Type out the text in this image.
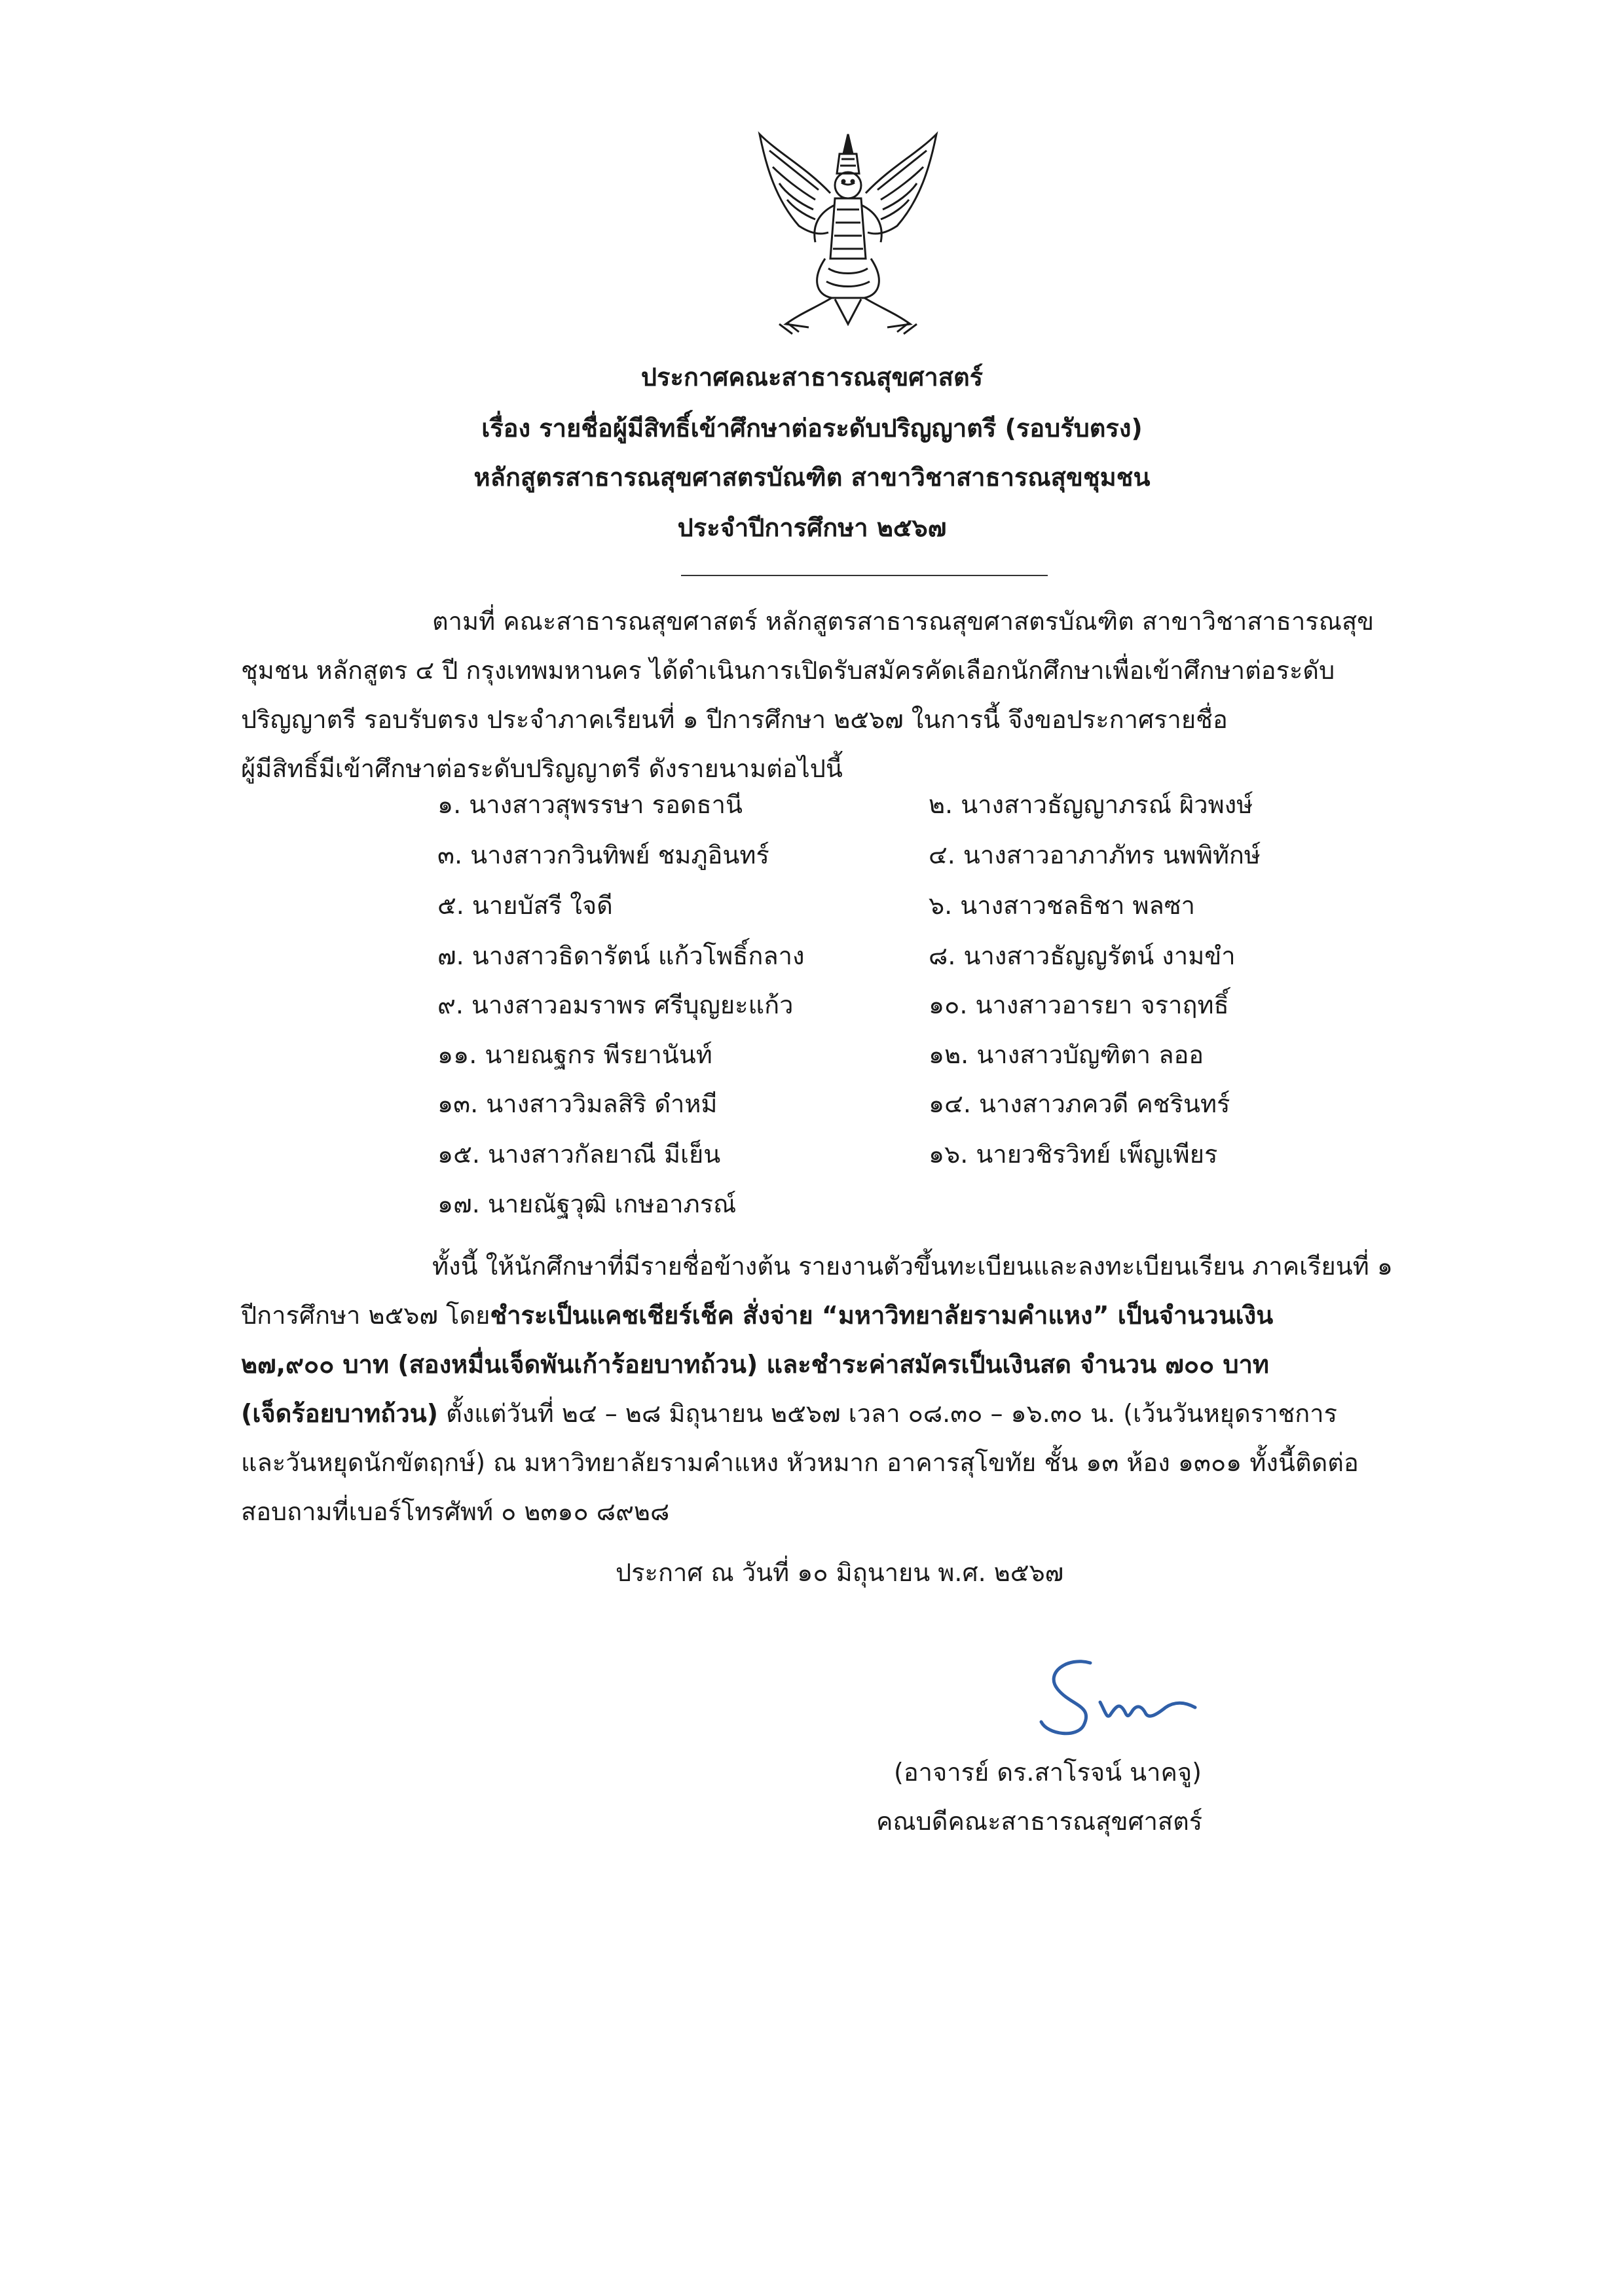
ประกาศคณะสาธารณสุขศาสตร์
เรื่อง รายชื่อผู้มีสิทธิ์เข้าศึกษาต่อระดับปริญญาตรี (รอบรับตรง)
หลักสูตรสาธารณสุขศาสตรบัณฑิต สาขาวิชาสาธารณสุขชุมชน
ประจำปีการศึกษา ๒๕๖๗
ตามที่ คณะสาธารณสุขศาสตร์ หลักสูตรสาธารณสุขศาสตรบัณฑิต สาขาวิชาสาธารณสุข
ชุมชน หลักสูตร ๔ ปี กรุงเทพมหานคร ได้ดำเนินการเปิดรับสมัครคัดเลือกนักศึกษาเพื่อเข้าศึกษาต่อระดับ
ปริญญาตรี รอบรับตรง ประจำภาคเรียนที่ ๑ ปีการศึกษา ๒๕๖๗ ในการนี้ จึงขอประกาศรายชื่อ
ผู้มีสิทธิ์มีเข้าศึกษาต่อระดับปริญญาตรี ดังรายนามต่อไปนี้
๑. นางสาวสุพรรษา รอดธานี	๒. นางสาวธัญญาภรณ์ ผิวพงษ์
๓. นางสาวกวินทิพย์ ชมภูอินทร์	๔. นางสาวอาภาภัทร นพพิทักษ์
๕. นายบัสรี ใจดี	๖. นางสาวชลธิชา พลซา
๗. นางสาวธิดารัตน์ แก้วโพธิ์กลาง	๘. นางสาวธัญญรัตน์ งามขำ
๙. นางสาวอมราพร ศรีบุญยะแก้ว	๑๐. นางสาวอารยา จราฤทธิ์
๑๑. นายณฐกร พีรยานันท์	๑๒. นางสาวบัญฑิตา ลออ
๑๓. นางสาววิมลสิริ ดำหมี	๑๔. นางสาวภควดี คชรินทร์
๑๕. นางสาวกัลยาณี มีเย็น	๑๖. นายวชิรวิทย์ เพ็ญเพียร
๑๗. นายณัฐวุฒิ เกษอาภรณ์
ทั้งนี้ ให้นักศึกษาที่มีรายชื่อข้างต้น รายงานตัวขึ้นทะเบียนและลงทะเบียนเรียน ภาคเรียนที่ ๑
ปีการศึกษา ๒๕๖๗ โดยชำระเป็นแคชเชียร์เช็ค สั่งจ่าย “มหาวิทยาลัยรามคำแหง” เป็นจำนวนเงิน
๒๗,๙๐๐ บาท (สองหมื่นเจ็ดพันเก้าร้อยบาทถ้วน) และชำระค่าสมัครเป็นเงินสด จำนวน ๗๐๐ บาท
(เจ็ดร้อยบาทถ้วน) ตั้งแต่วันที่ ๒๔ – ๒๘ มิถุนายน ๒๕๖๗ เวลา ๐๘.๓๐ – ๑๖.๓๐ น. (เว้นวันหยุดราชการ
และวันหยุดนักขัตฤกษ์) ณ มหาวิทยาลัยรามคำแหง หัวหมาก อาคารสุโขทัย ชั้น ๑๓ ห้อง ๑๓๐๑ ทั้งนี้ติดต่อ
สอบถามที่เบอร์โทรศัพท์ ๐ ๒๓๑๐ ๘๙๒๘
ประกาศ ณ วันที่ ๑๐ มิถุนายน พ.ศ. ๒๕๖๗
(อาจารย์ ดร.สาโรจน์ นาคจู)
คณบดีคณะสาธารณสุขศาสตร์
